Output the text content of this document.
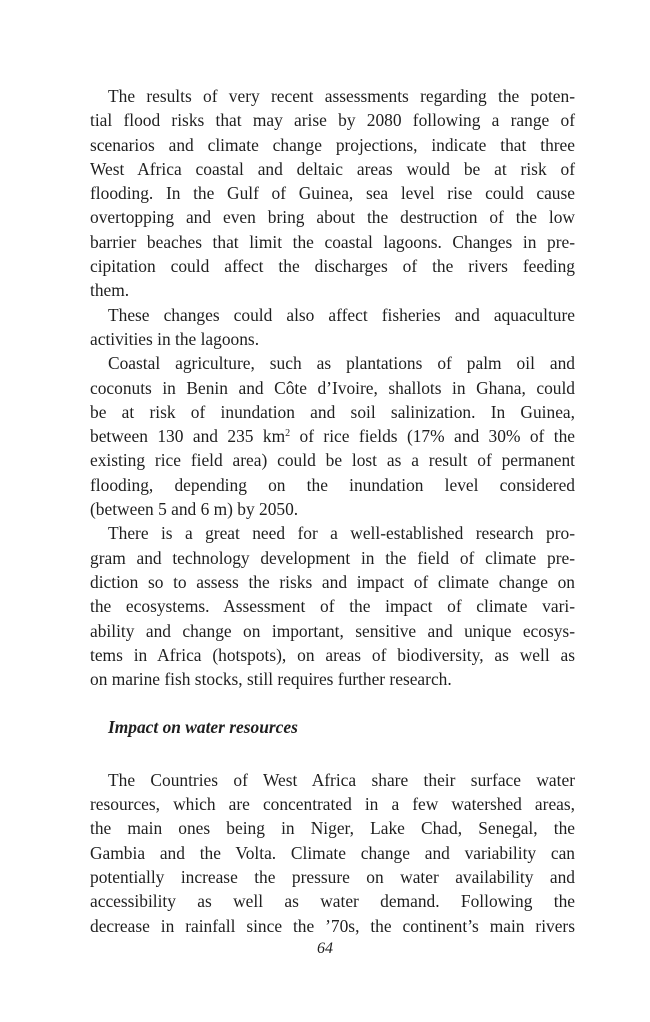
The results of very recent assessments regarding the poten-
tial flood risks that may arise by 2080 following a range of
scenarios and climate change projections, indicate that three
West Africa coastal and deltaic areas would be at risk of
flooding. In the Gulf of Guinea, sea level rise could cause
overtopping and even bring about the destruction of the low
barrier beaches that limit the coastal lagoons. Changes in pre-
cipitation could affect the discharges of the rivers feeding
them.
These changes could also affect fisheries and aquaculture
activities in the lagoons.
Coastal agriculture, such as plantations of palm oil and
coconuts in Benin and Côte d’Ivoire, shallots in Ghana, could
be at risk of inundation and soil salinization. In Guinea,
between 130 and 235 $km^2$ of rice fields (17% and 30% of the
existing rice field area) could be lost as a result of permanent
flooding, depending on the inundation level considered
(between 5 and 6 m) by 2050.
There is a great need for a well-established research pro-
gram and technology development in the field of climate pre-
diction so to assess the risks and impact of climate change on
the ecosystems. Assessment of the impact of climate vari-
ability and change on important, sensitive and unique ecosys-
tems in Africa (hotspots), on areas of biodiversity, as well as
on marine fish stocks, still requires further research.
Impact on water resources
The Countries of West Africa share their surface water
resources, which are concentrated in a few watershed areas,
the main ones being in Niger, Lake Chad, Senegal, the
Gambia and the Volta. Climate change and variability can
potentially increase the pressure on water availability and
accessibility as well as water demand. Following the
decrease in rainfall since the ’70s, the continent’s main rivers
64
